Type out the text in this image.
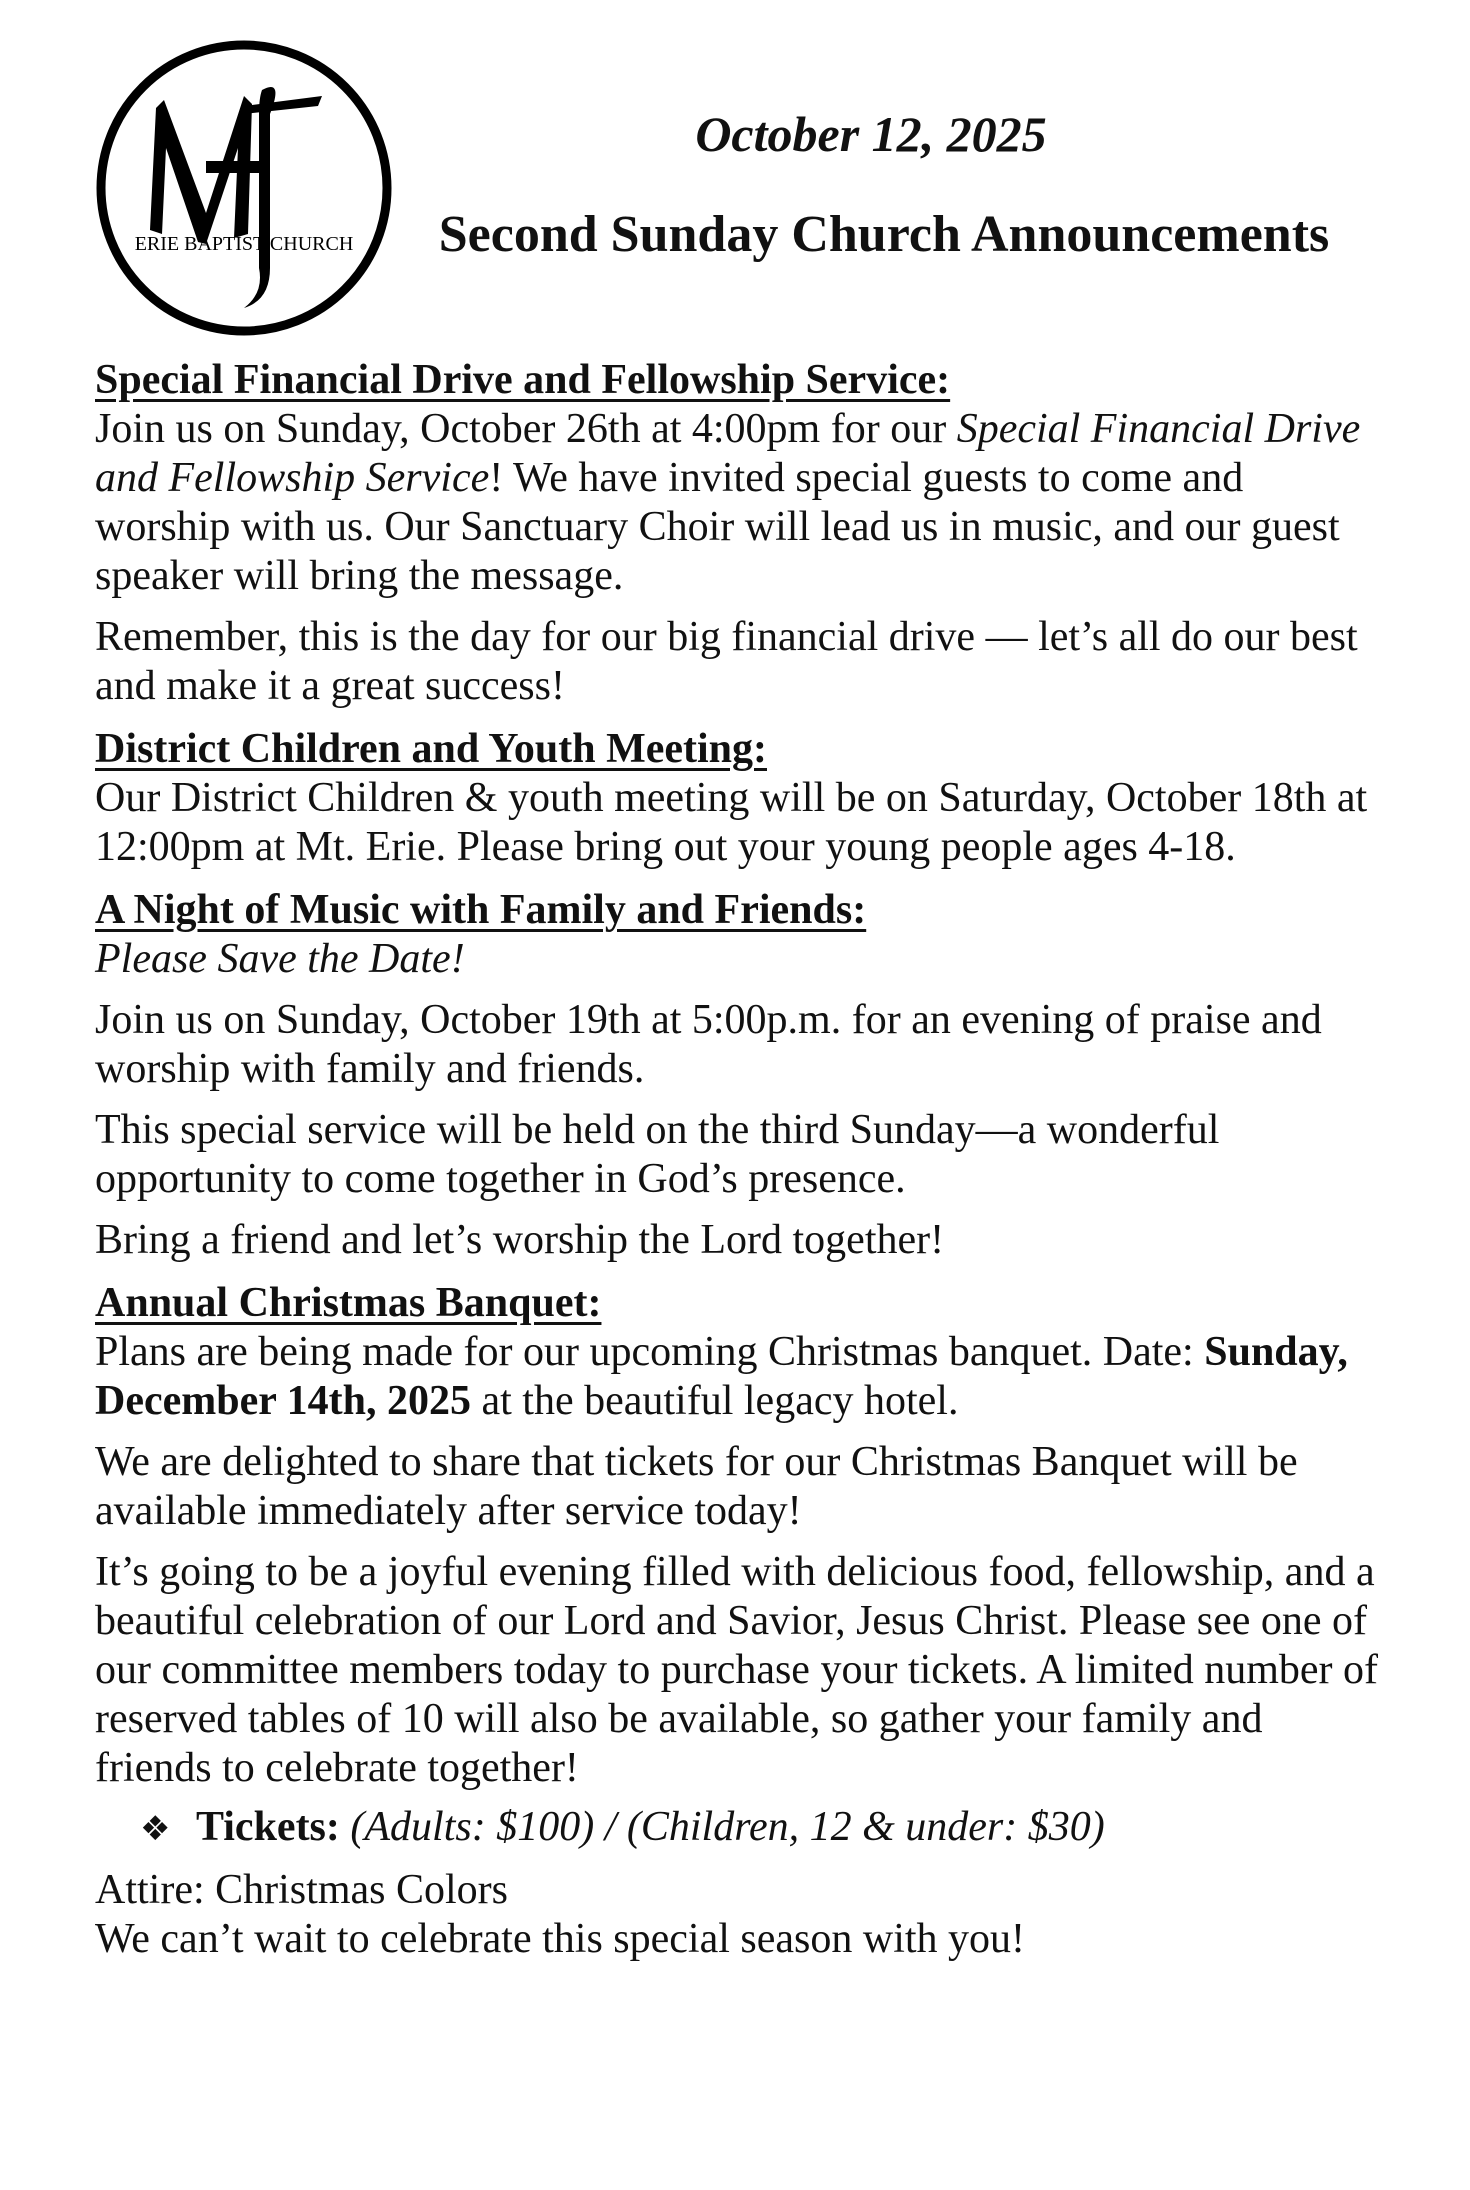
ERIE BAPTIST CHURCH
October 12, 2025
Second Sunday Church Announcements
Special Financial Drive and Fellowship Service:

Join us on Sunday, October 26th at 4:00pm for our Special Financial Drive and Fellowship Service! We have invited special guests to come and worship with us. Our Sanctuary Choir will lead us in music, and our guest speaker will bring the message.

Remember, this is the day for our big financial drive — let’s all do our best and make it a great success!

District Children and Youth Meeting:

Our District Children & youth meeting will be on Saturday, October 18th at 12:00pm at Mt. Erie. Please bring out your young people ages 4-18.

A Night of Music with Family and Friends:

Please Save the Date!

Join us on Sunday, October 19th at 5:00p.m. for an evening of praise and worship with family and friends.

This special service will be held on the third Sunday—a wonderful opportunity to come together in God’s presence.

Bring a friend and let’s worship the Lord together!

Annual Christmas Banquet:

Plans are being made for our upcoming Christmas banquet. Date: Sunday, December 14th, 2025 at the beautiful legacy hotel.

We are delighted to share that tickets for our Christmas Banquet will be available immediately after service today!

It’s going to be a joyful evening filled with delicious food, fellowship, and a beautiful celebration of our Lord and Savior, Jesus Christ. Please see one of our committee members today to purchase your tickets. A limited number of reserved tables of 10 will also be available, so gather your family and friends to celebrate together!

❖ Tickets: (Adults: $100) / (Children, 12 & under: $30)

Attire: Christmas Colors

We can’t wait to celebrate this special season with you!
